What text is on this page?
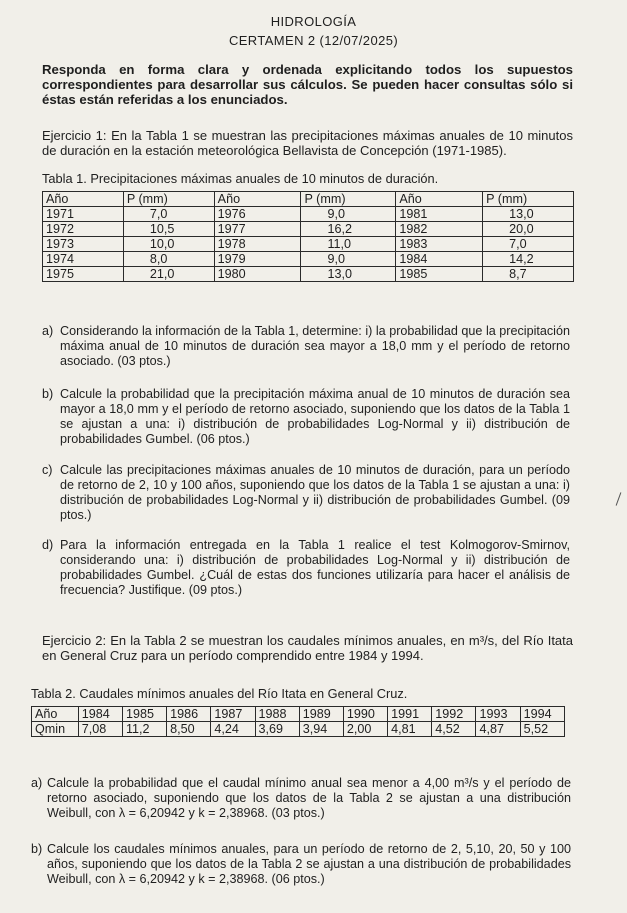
HIDROLOGÍA
CERTAMEN 2 (12/07/2025)
Responda en forma clara y ordenada explicitando todos los supuestos correspondientes para desarrollar sus cálculos. Se pueden hacer consultas sólo si éstas están referidas a los enunciados.
Ejercicio 1: En la Tabla 1 se muestran las precipitaciones máximas anuales de 10 minutos de duración en la estación meteorológica Bellavista de Concepción (1971-1985).
Tabla 1. Precipitaciones máximas anuales de 10 minutos de duración.
Año	P (mm)	Año	P (mm)	Año	P (mm)
1971	7,0	1976	9,0	1981	13,0
1972	10,5	1977	16,2	1982	20,0
1973	10,0	1978	11,0	1983	7,0
1974	8,0	1979	9,0	1984	14,2
1975	21,0	1980	13,0	1985	8,7
a) Considerando la información de la Tabla 1, determine: i) la probabilidad que la precipitación máxima anual de 10 minutos de duración sea mayor a 18,0 mm y el período de retorno asociado. (03 ptos.)
b) Calcule la probabilidad que la precipitación máxima anual de 10 minutos de duración sea mayor a 18,0 mm y el período de retorno asociado, suponiendo que los datos de la Tabla 1 se ajustan a una: i) distribución de probabilidades Log-Normal y ii) distribución de probabilidades Gumbel. (06 ptos.)
c) Calcule las precipitaciones máximas anuales de 10 minutos de duración, para un período de retorno de 2, 10 y 100 años, suponiendo que los datos de la Tabla 1 se ajustan a una: i) distribución de probabilidades Log-Normal y ii) distribución de probabilidades Gumbel. (09 ptos.)
d) Para la información entregada en la Tabla 1 realice el test Kolmogorov-Smirnov, considerando una: i) distribución de probabilidades Log-Normal y ii) distribución de probabilidades Gumbel. ¿Cuál de estas dos funciones utilizaría para hacer el análisis de frecuencia? Justifique. (09 ptos.)
Ejercicio 2: En la Tabla 2 se muestran los caudales mínimos anuales, en m³/s, del Río Itata en General Cruz para un período comprendido entre 1984 y 1994.
Tabla 2. Caudales mínimos anuales del Río Itata en General Cruz.
Año	1984	1985	1986	1987	1988	1989	1990	1991	1992	1993	1994
Qmin	7,08	11,2	8,50	4,24	3,69	3,94	2,00	4,81	4,52	4,87	5,52
a) Calcule la probabilidad que el caudal mínimo anual sea menor a 4,00 m³/s y el período de retorno asociado, suponiendo que los datos de la Tabla 2 se ajustan a una distribución Weibull, con λ = 6,20942 y k = 2,38968. (03 ptos.)
b) Calcule los caudales mínimos anuales, para un período de retorno de 2, 5,10, 20, 50 y 100 años, suponiendo que los datos de la Tabla 2 se ajustan a una distribución de probabilidades Weibull, con λ = 6,20942 y k = 2,38968. (06 ptos.)
